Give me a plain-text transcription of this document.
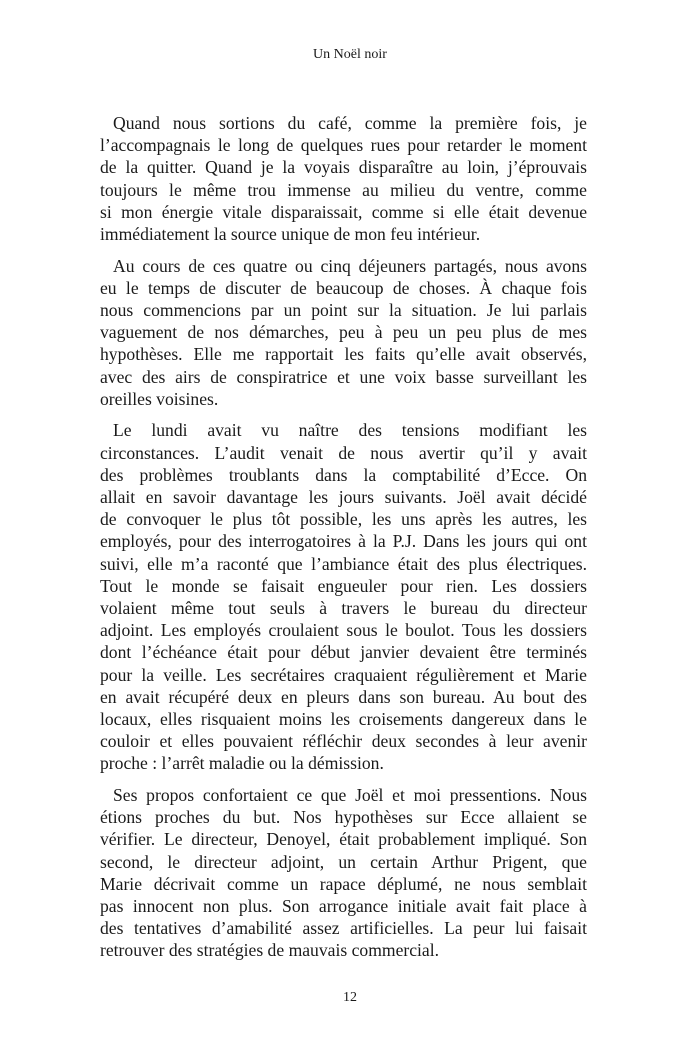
Un Noël noir
Quand nous sortions du café, comme la première fois, je
l’accompagnais le long de quelques rues pour retarder le moment
de la quitter. Quand je la voyais disparaître au loin, j’éprouvais
toujours le même trou immense au milieu du ventre, comme
si mon énergie vitale disparaissait, comme si elle était devenue
immédiatement la source unique de mon feu intérieur.
Au cours de ces quatre ou cinq déjeuners partagés, nous avons
eu le temps de discuter de beaucoup de choses. À chaque fois
nous commencions par un point sur la situation. Je lui parlais
vaguement de nos démarches, peu à peu un peu plus de mes
hypothèses. Elle me rapportait les faits qu’elle avait observés,
avec des airs de conspiratrice et une voix basse surveillant les
oreilles voisines.
Le lundi avait vu naître des tensions modifiant les
circonstances. L’audit venait de nous avertir qu’il y avait
des problèmes troublants dans la comptabilité d’Ecce. On
allait en savoir davantage les jours suivants. Joël avait décidé
de convoquer le plus tôt possible, les uns après les autres, les
employés, pour des interrogatoires à la P.J. Dans les jours qui ont
suivi, elle m’a raconté que l’ambiance était des plus électriques.
Tout le monde se faisait engueuler pour rien. Les dossiers
volaient même tout seuls à travers le bureau du directeur
adjoint. Les employés croulaient sous le boulot. Tous les dossiers
dont l’échéance était pour début janvier devaient être terminés
pour la veille. Les secrétaires craquaient régulièrement et Marie
en avait récupéré deux en pleurs dans son bureau. Au bout des
locaux, elles risquaient moins les croisements dangereux dans le
couloir et elles pouvaient réfléchir deux secondes à leur avenir
proche : l’arrêt maladie ou la démission.
Ses propos confortaient ce que Joël et moi pressentions. Nous
étions proches du but. Nos hypothèses sur Ecce allaient se
vérifier. Le directeur, Denoyel, était probablement impliqué. Son
second, le directeur adjoint, un certain Arthur Prigent, que
Marie décrivait comme un rapace déplumé, ne nous semblait
pas innocent non plus. Son arrogance initiale avait fait place à
des tentatives d’amabilité assez artificielles. La peur lui faisait
retrouver des stratégies de mauvais commercial.
12
